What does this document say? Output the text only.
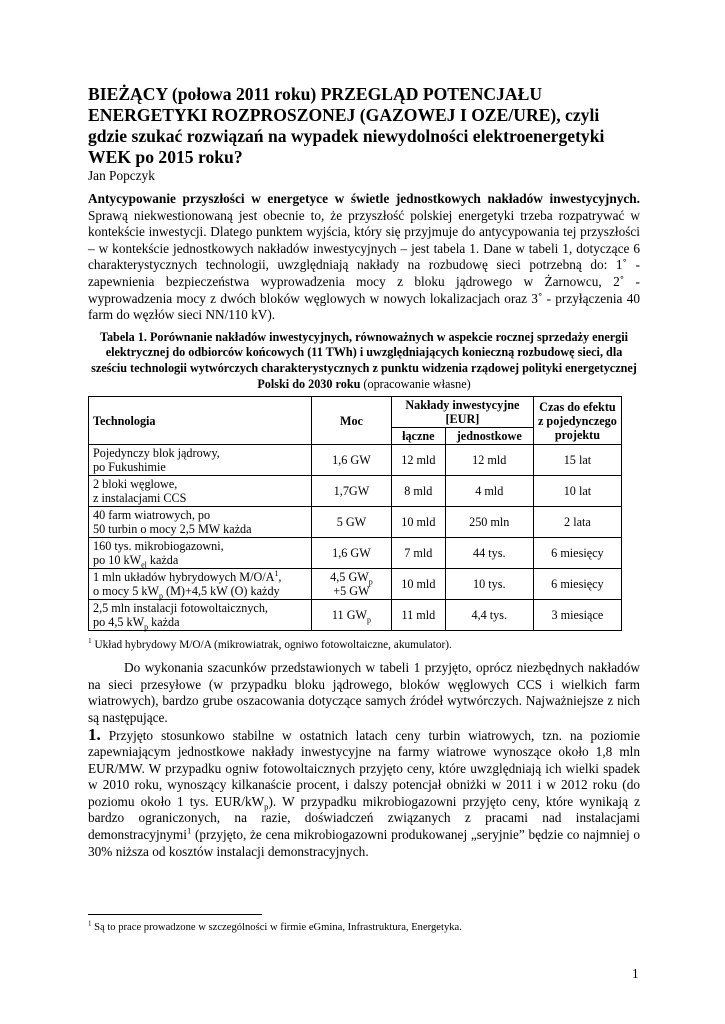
BIEŻĄCY (połowa 2011 roku) PRZEGLĄD POTENCJAŁU ENERGETYKI ROZPROSZONEJ (GAZOWEJ I OZE/URE), czyli gdzie szukać rozwiązań na wypadek niewydolności elektroenergetyki WEK po 2015 roku?
Jan Popczyk

Antycypowanie przyszłości w energetyce w świetle jednostkowych nakładów inwestycyjnych. Sprawą niekwestionowaną jest obecnie to, że przyszłość polskiej energetyki trzeba rozpatrywać w kontekście inwestycji. Dlatego punktem wyjścia, który się przyjmuje do antycypowania tej przyszłości – w kontekście jednostkowych nakładów inwestycyjnych – jest tabela 1. Dane w tabeli 1, dotyczące 6 charakterystycznych technologii, uwzględniają nakłady na rozbudowę sieci potrzebną do: 1˚ - zapewnienia bezpieczeństwa wyprowadzenia mocy z bloku jądrowego w Żarnowcu, 2˚ - wyprowadzenia mocy z dwóch bloków węglowych w nowych lokalizacjach oraz 3˚ - przyłączenia 40 farm do węzłów sieci NN/110 kV).

Tabela 1. Porównanie nakładów inwestycyjnych, równoważnych w aspekcie rocznej sprzedaży energii elektrycznej do odbiorców końcowych (11 TWh) i uwzględniających konieczną rozbudowę sieci, dla sześciu technologii wytwórczych charakterystycznych z punktu widzenia rządowej polityki energetycznej Polski do 2030 roku (opracowanie własne)
Technologia	Moc	Nakłady inwestycyjne [EUR]		Czas do efektu z pojedynczego projektu
		łączne	jednostkowe	
Pojedynczy blok jądrowy,
po Fukushimie	1,6 GW	12 mld	12 mld	15 lat
2 bloki węglowe,
z instalacjami CCS	1,7GW	8 mld	4 mld	10 lat
40 farm wiatrowych, po
50 turbin o mocy 2,5 MW każda	5 GW	10 mld	250 mln	2 lata
160 tys. mikrobiogazowni,
po 10 $kW_{el}$ każda	1,6 GW	7 mld	44 tys.	6 miesięcy
1 mln układów hybrydowych $M/O/A^1$,
o mocy 5 $kW_p$ (M)+4,5 kW (O) każdy	4,5 $GW_p$
+5 GW	10 mld	10 tys.	6 miesięcy
2,5 mln instalacji fotowoltaicznych,
po 4,5 $kW_p$ każda	11 $GW_p$	11 mld	4,4 tys.	3 miesiące
$^1$ Układ hybrydowy M/O/A (mikrowiatrak, ogniwo fotowoltaiczne, akumulator).

Do wykonania szacunków przedstawionych w tabeli 1 przyjęto, oprócz niezbędnych nakładów na sieci przesyłowe (w przypadku bloku jądrowego, bloków węglowych CCS i wielkich farm wiatrowych), bardzo grube oszacowania dotyczące samych źródeł wytwórczych. Najważniejsze z nich są następujące.

1. Przyjęto stosunkowo stabilne w ostatnich latach ceny turbin wiatrowych, tzn. na poziomie zapewniającym jednostkowe nakłady inwestycyjne na farmy wiatrowe wynoszące około 1,8 mln EUR/MW. W przypadku ogniw fotowoltaicznych przyjęto ceny, które uwzględniają ich wielki spadek w 2010 roku, wynoszący kilkanaście procent, i dalszy potencjał obniżki w 2011 i w 2012 roku (do poziomu około 1 tys. EUR/$kW_p$). W przypadku mikrobiogazowni przyjęto ceny, które wynikają z bardzo ograniczonych, na razie, doświadczeń związanych z pracami nad instalacjami demonstracyjnymi$^1$ (przyjęto, że cena mikrobiogazowni produkowanej „seryjnie” będzie co najmniej o 30% niższa od kosztów instalacji demonstracyjnych.

$^1$ Są to prace prowadzone w szczególności w firmie eGmina, Infrastruktura, Energetyka.
1
